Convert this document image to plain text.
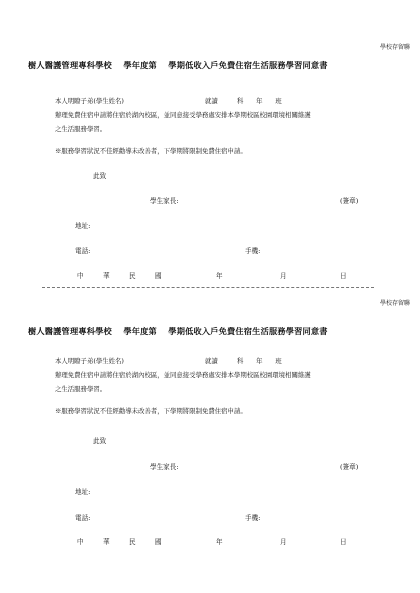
學校存留聯
樹人醫護管理專科學校　 學年度第　 學期低收入戶免費住宿生活服務學習同意書
本人明瞭子弟(學生姓名)	就讀　　　科　　年　　班
辦理免費住宿申請將住宿於湖內校區，並同意接受學務處安排本學期校區校園環境相關維護
之生活服務學習。
※服務學習狀況不佳經勸導未改善者，下學期將限制免費住宿申請。
此致
學生家長:	(簽章)
地址:
電話:	手機:
中	華	民	國	年	月	日
學校存留聯
樹人醫護管理專科學校　 學年度第　 學期低收入戶免費住宿生活服務學習同意書
本人明瞭子弟(學生姓名)	就讀　　　科　　年　　班
辦理免費住宿申請將住宿於湖內校區，並同意接受學務處安排本學期校區校園環境相關維護
之生活服務學習。
※服務學習狀況不佳經勸導未改善者，下學期將限制免費住宿申請。
此致
學生家長:	(簽章)
地址:
電話:	手機:
中	華	民	國	年	月	日
